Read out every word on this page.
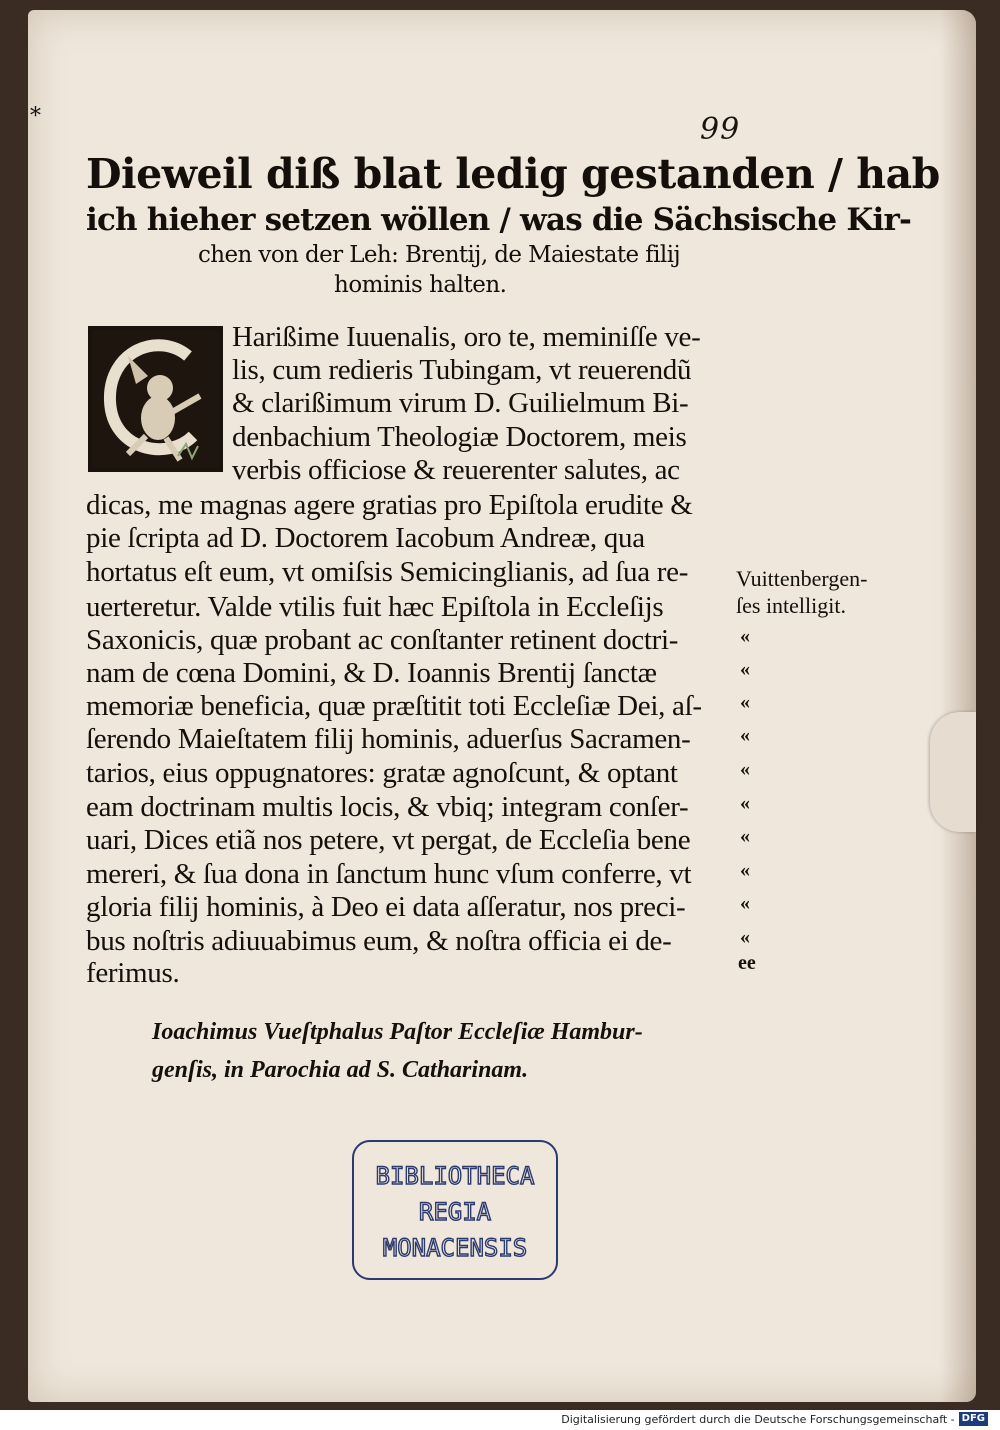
*	99
Dieweil diß blat ledig gestanden / hab
ich hieher setzen wöllen / was die Sächsische Kir-
chen von der Leh: Brentij, de Maiestate filij
hominis halten.
Harißime Iuuenalis, oro te, meminiſſe ve-
lis, cum redieris Tubingam, vt reuerendũ
& clarißimum virum D. Guilielmum Bi-
denbachium Theologiæ Doctorem, meis
verbis officiose & reuerenter salutes, ac
dicas, me magnas agere gratias pro Epiſtola erudite &
pie ſcripta ad D. Doctorem Iacobum Andreæ, qua
hortatus eſt eum, vt omiſsis Semicinglianis, ad ſua re-
uerteretur. Valde vtilis fuit hæc Epiſtola in Eccleſijs
Saxonicis, quæ probant ac conſtanter retinent doctri-
nam de cœna Domini, & D. Ioannis Brentij ſanctæ
memoriæ beneficia, quæ præſtitit toti Eccleſiæ Dei, aſ-
ſerendo Maieſtatem filij hominis, aduerſus Sacramen-
tarios, eius oppugnatores: gratæ agnoſcunt, & optant
eam doctrinam multis locis, & vbiq; integram conſer-
uari, Dices etiã nos petere, vt pergat, de Eccleſia bene
mereri, & ſua dona in ſanctum hunc vſum conferre, vt
gloria filij hominis, à Deo ei data aſſeratur, nos preci-
bus noſtris adiuuabimus eum, & noſtra officia ei de-
ferimus.
Vuittenbergen-
ſes intelligit.
«
«
«
«
«
«
«
«
«
«
ee
Ioachimus Vueſtphalus Paſtor Eccleſiæ Hambur-
genſis, in Parochia ad S. Catharinam.
BIBLIOTHECA
REGIA
MONACENSIS
Digitalisierung gefördert durch die Deutsche Forschungsgemeinschaft - DFG
